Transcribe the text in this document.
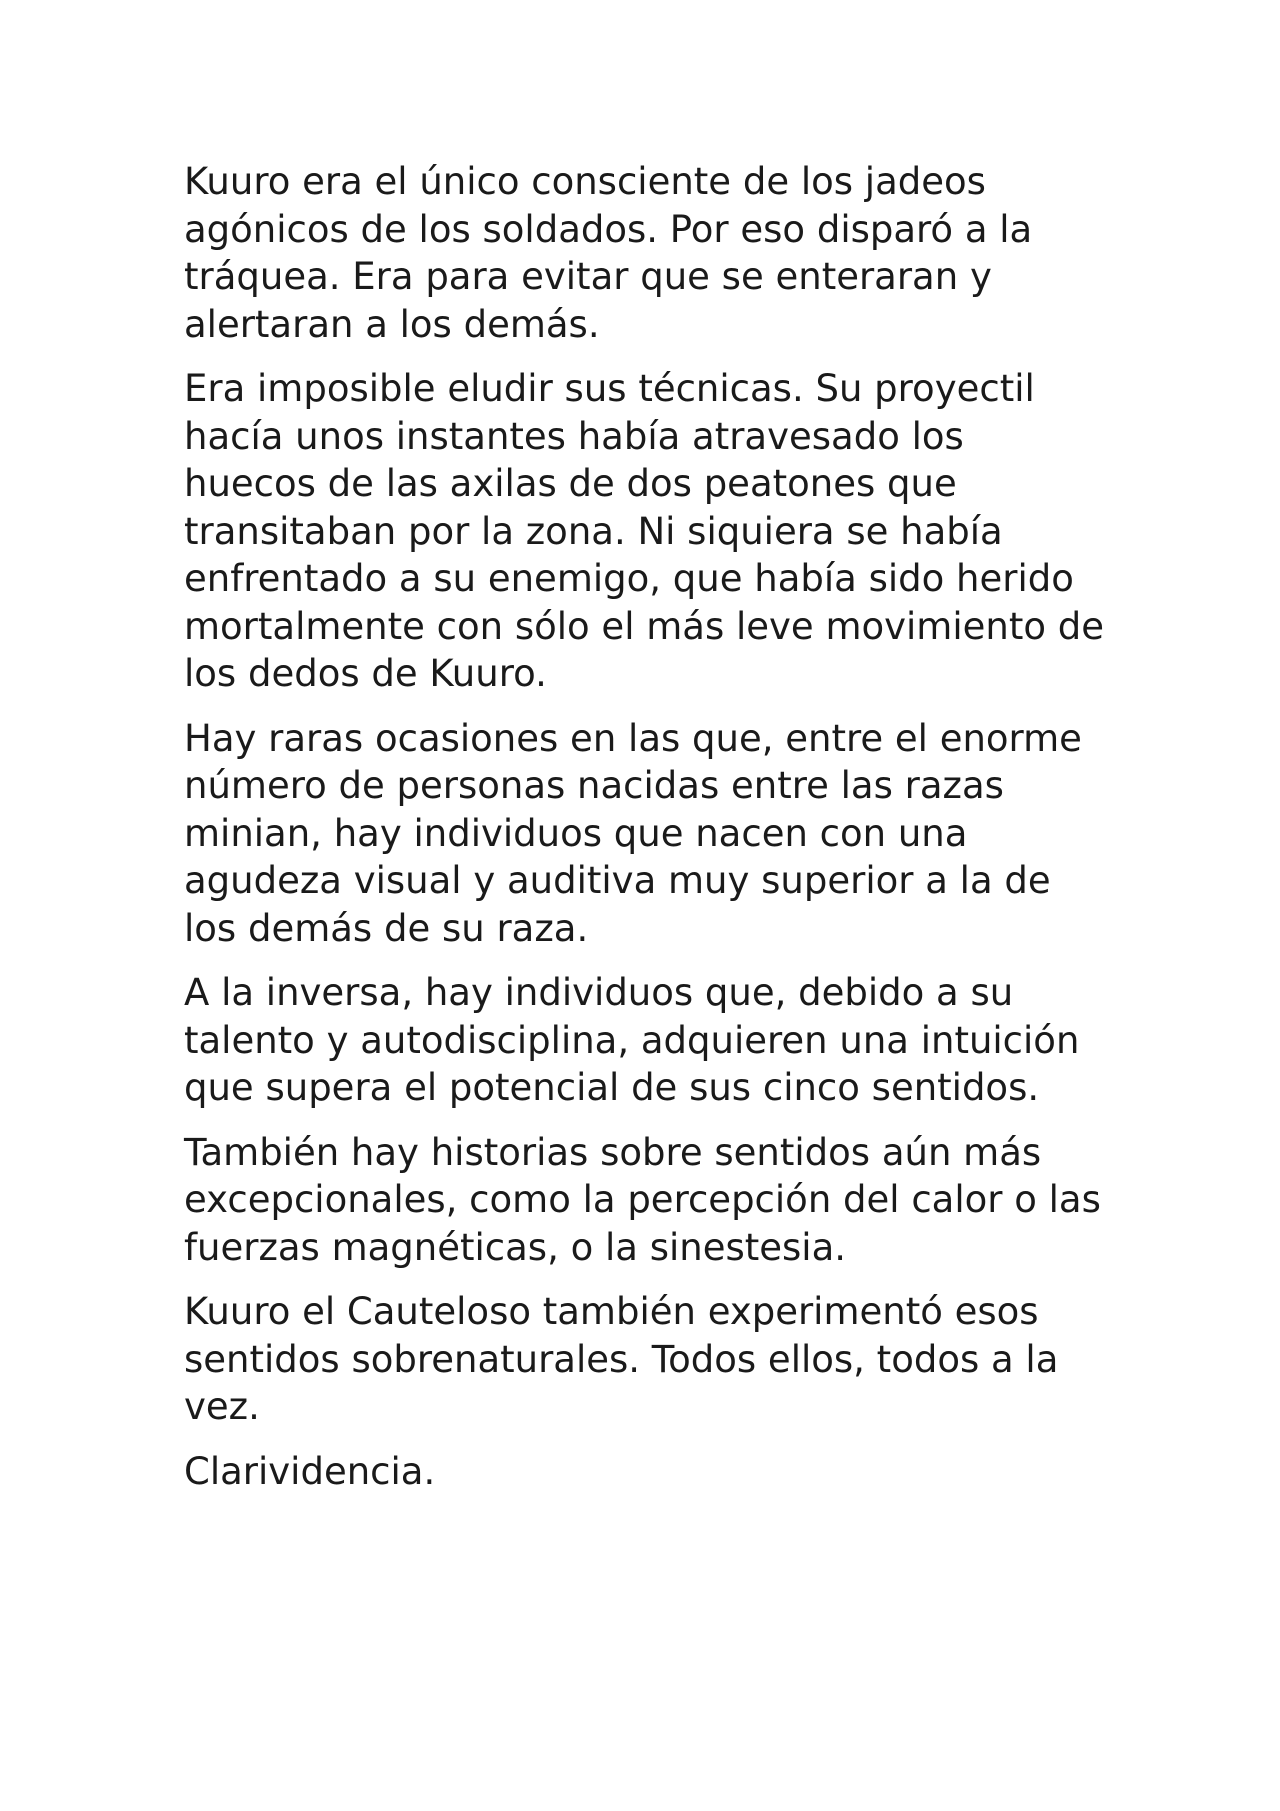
Kuuro era el único consciente de los jadeos agónicos de los soldados. Por eso disparó a la tráquea. Era para evitar que se enteraran y alertaran a los demás.

Era imposible eludir sus técnicas. Su proyectil hacía unos instantes había atravesado los huecos de las axilas de dos peatones que transitaban por la zona. Ni siquiera se había enfrentado a su enemigo, que había sido herido mortalmente con sólo el más leve movimiento de los dedos de Kuuro.

Hay raras ocasiones en las que, entre el enorme número de personas nacidas entre las razas minian, hay individuos que nacen con una agudeza visual y auditiva muy superior a la de los demás de su raza.

A la inversa, hay individuos que, debido a su talento y autodisciplina, adquieren una intuición que supera el potencial de sus cinco sentidos.

También hay historias sobre sentidos aún más excepcionales, como la percepción del calor o las fuerzas magnéticas, o la sinestesia.

Kuuro el Cauteloso también experimentó esos sentidos sobrenaturales. Todos ellos, todos a la vez.

Clarividencia.
